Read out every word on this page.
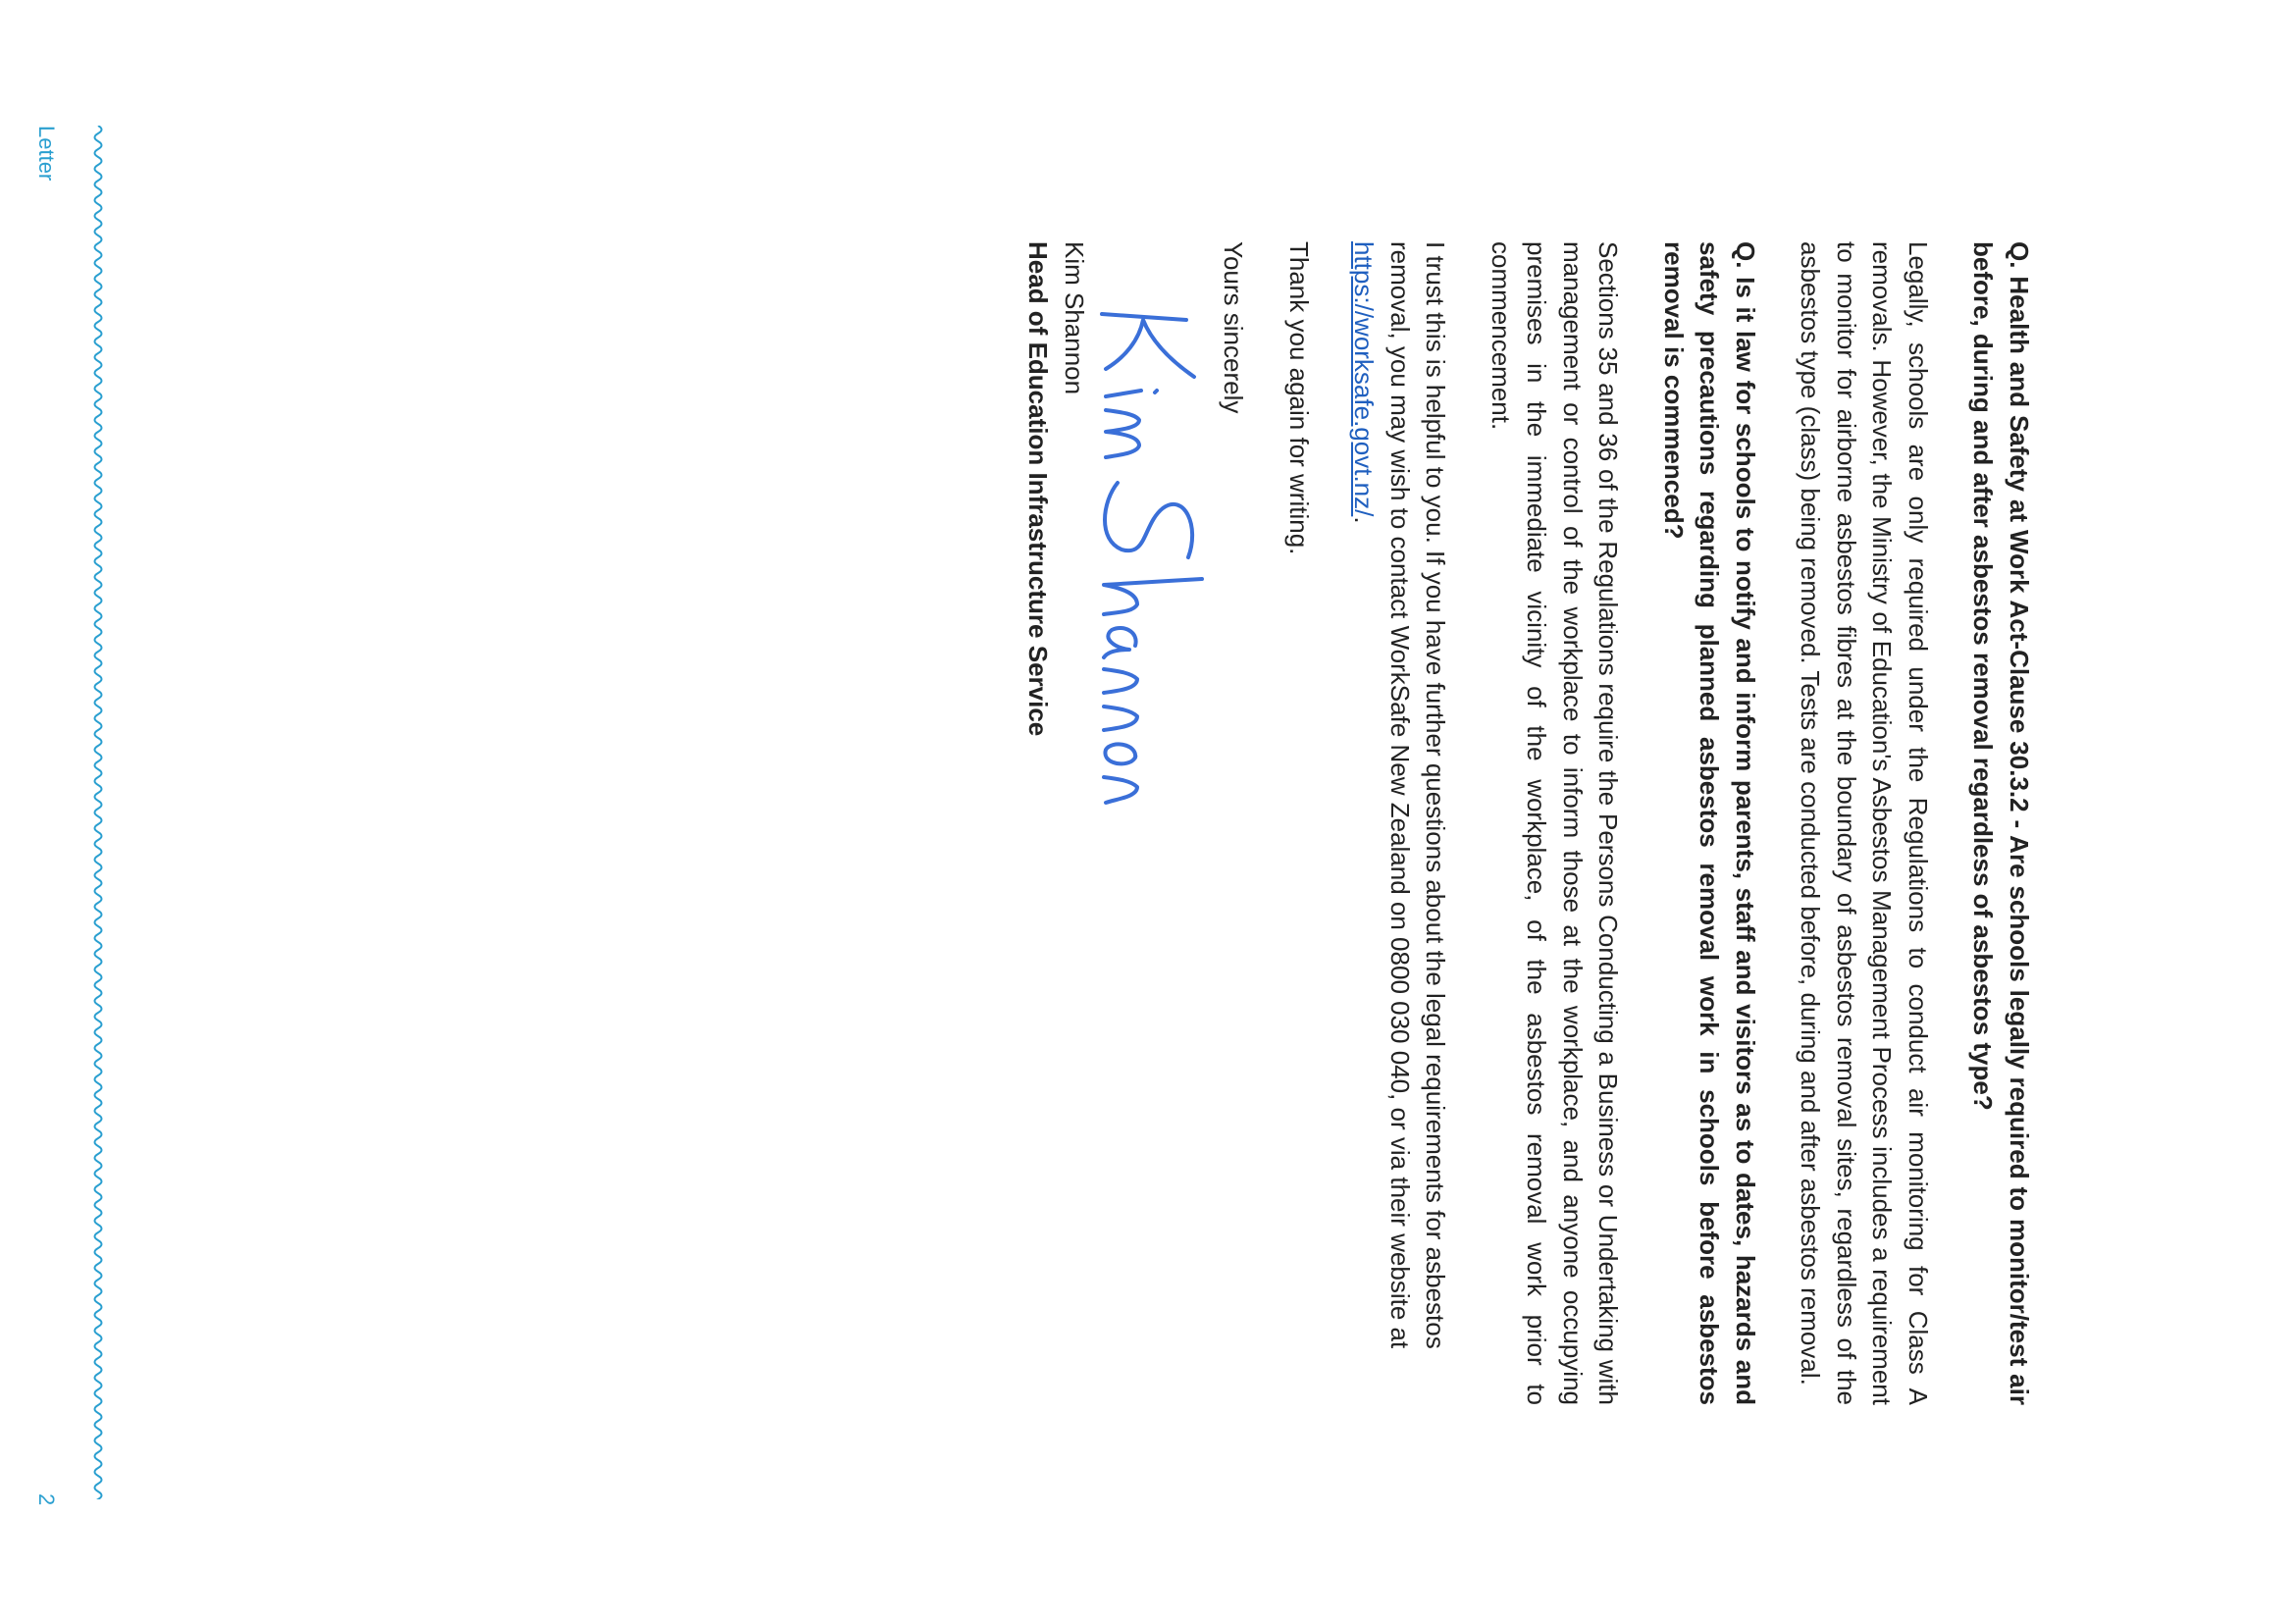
Q. Health and Safety at Work Act-Clause 30.3.2 - Are schools legally required to monitor/test air before, during and after asbestos removal regardless of asbestos type?

Legally, schools are only required under the Regulations to conduct air monitoring for Class A removals. However, the Ministry of Education's Asbestos Management Process includes a requirement to monitor for airborne asbestos fibres at the boundary of asbestos removal sites, regardless of the asbestos type (class) being removed. Tests are conducted before, during and after asbestos removal.

Q. Is it law for schools to notify and inform parents, staff and visitors as to dates, hazards and safety precautions regarding planned asbestos removal work in schools before asbestos removal is commenced?

Sections 35 and 36 of the Regulations require the Persons Conducting a Business or Undertaking with management or control of the workplace to inform those at the workplace, and anyone occupying premises in the immediate vicinity of the workplace, of the asbestos removal work prior to commencement.

I trust this is helpful to you. If you have further questions about the legal requirements for asbestos removal, you may wish to contact WorkSafe New Zealand on 0800 030 040, or via their website at https://worksafe.govt.nz/.

Thank you again for writing.

Yours sincerely

Kim Shannon

Head of Education Infrastructure Service

Letter
2
